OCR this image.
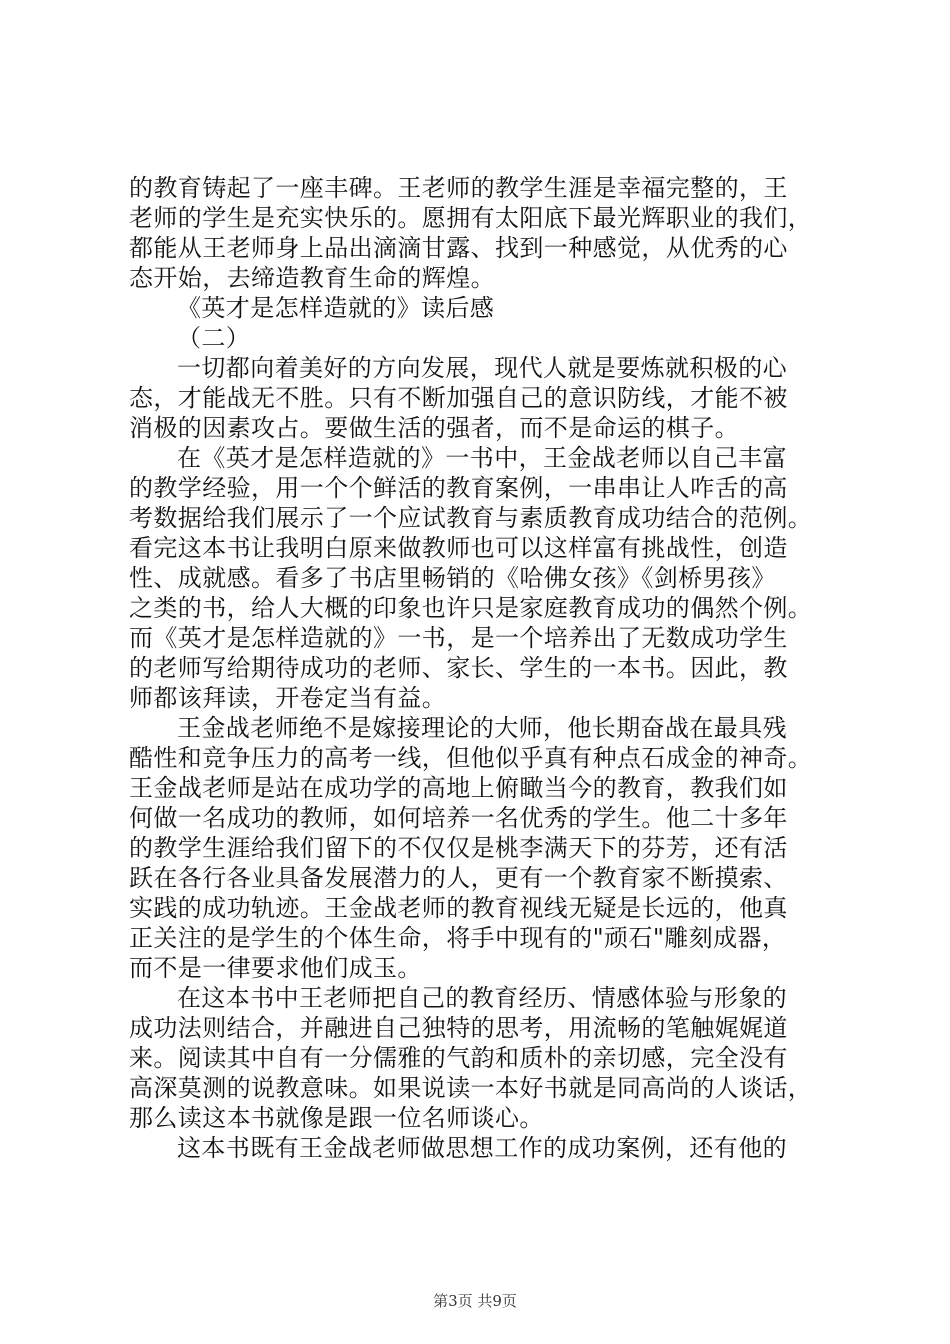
的教育铸起了一座丰碑。王老师的教学生涯是幸福完整的，王
老师的学生是充实快乐的。愿拥有太阳底下最光辉职业的我们，
都能从王老师身上品出滴滴甘露、找到一种感觉，从优秀的心
态开始，去缔造教育生命的辉煌。
《英才是怎样造就的》读后感
（二）
一切都向着美好的方向发展，现代人就是要炼就积极的心
态，才能战无不胜。只有不断加强自己的意识防线，才能不被
消极的因素攻占。要做生活的强者，而不是命运的棋子。
在《英才是怎样造就的》一书中，王金战老师以自己丰富
的教学经验，用一个个鲜活的教育案例，一串串让人咋舌的高
考数据给我们展示了一个应试教育与素质教育成功结合的范例。
看完这本书让我明白原来做教师也可以这样富有挑战性，创造
性、成就感。看多了书店里畅销的《哈佛女孩》《剑桥男孩》
之类的书，给人大概的印象也许只是家庭教育成功的偶然个例。
而《英才是怎样造就的》一书，是一个培养出了无数成功学生
的老师写给期待成功的老师、家长、学生的一本书。因此，教
师都该拜读，开卷定当有益。
王金战老师绝不是嫁接理论的大师，他长期奋战在最具残
酷性和竞争压力的高考一线，但他似乎真有种点石成金的神奇。
王金战老师是站在成功学的高地上俯瞰当今的教育，教我们如
何做一名成功的教师，如何培养一名优秀的学生。他二十多年
的教学生涯给我们留下的不仅仅是桃李满天下的芬芳，还有活
跃在各行各业具备发展潜力的人，更有一个教育家不断摸索、
实践的成功轨迹。王金战老师的教育视线无疑是长远的，他真
正关注的是学生的个体生命，将手中现有的"顽石"雕刻成器，
而不是一律要求他们成玉。
在这本书中王老师把自己的教育经历、情感体验与形象的
成功法则结合，并融进自己独特的思考，用流畅的笔触娓娓道
来。阅读其中自有一分儒雅的气韵和质朴的亲切感，完全没有
高深莫测的说教意味。如果说读一本好书就是同高尚的人谈话，
那么读这本书就像是跟一位名师谈心。
这本书既有王金战老师做思想工作的成功案例，还有他的
第3页 共9页
